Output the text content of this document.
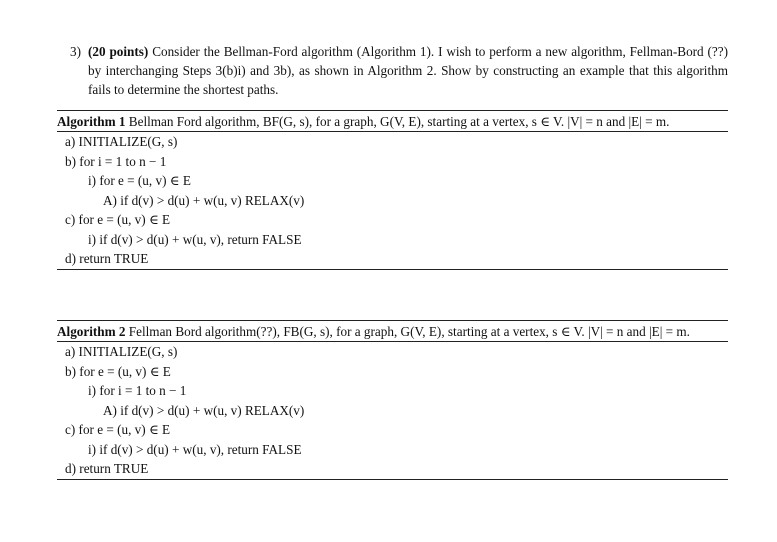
3) (20 points) Consider the Bellman-Ford algorithm (Algorithm 1). I wish to perform a new algorithm, Fellman-Bord (??) by interchanging Steps 3(b)i) and 3b), as shown in Algorithm 2. Show by constructing an example that this algorithm fails to determine the shortest paths.
Algorithm 1 Bellman Ford algorithm, BF(G, s), for a graph, G(V, E), starting at a vertex, s ∈ V. |V| = n and |E| = m.
a) INITIALIZE(G, s)
b) for i = 1 to n − 1
i) for e = (u, v) ∈ E
A) if d(v) > d(u) + w(u, v) RELAX(v)
c) for e = (u, v) ∈ E
i) if d(v) > d(u) + w(u, v), return FALSE
d) return TRUE
Algorithm 2 Fellman Bord algorithm(??), FB(G, s), for a graph, G(V, E), starting at a vertex, s ∈ V. |V| = n and |E| = m.
a) INITIALIZE(G, s)
b) for e = (u, v) ∈ E
i) for i = 1 to n − 1
A) if d(v) > d(u) + w(u, v) RELAX(v)
c) for e = (u, v) ∈ E
i) if d(v) > d(u) + w(u, v), return FALSE
d) return TRUE
